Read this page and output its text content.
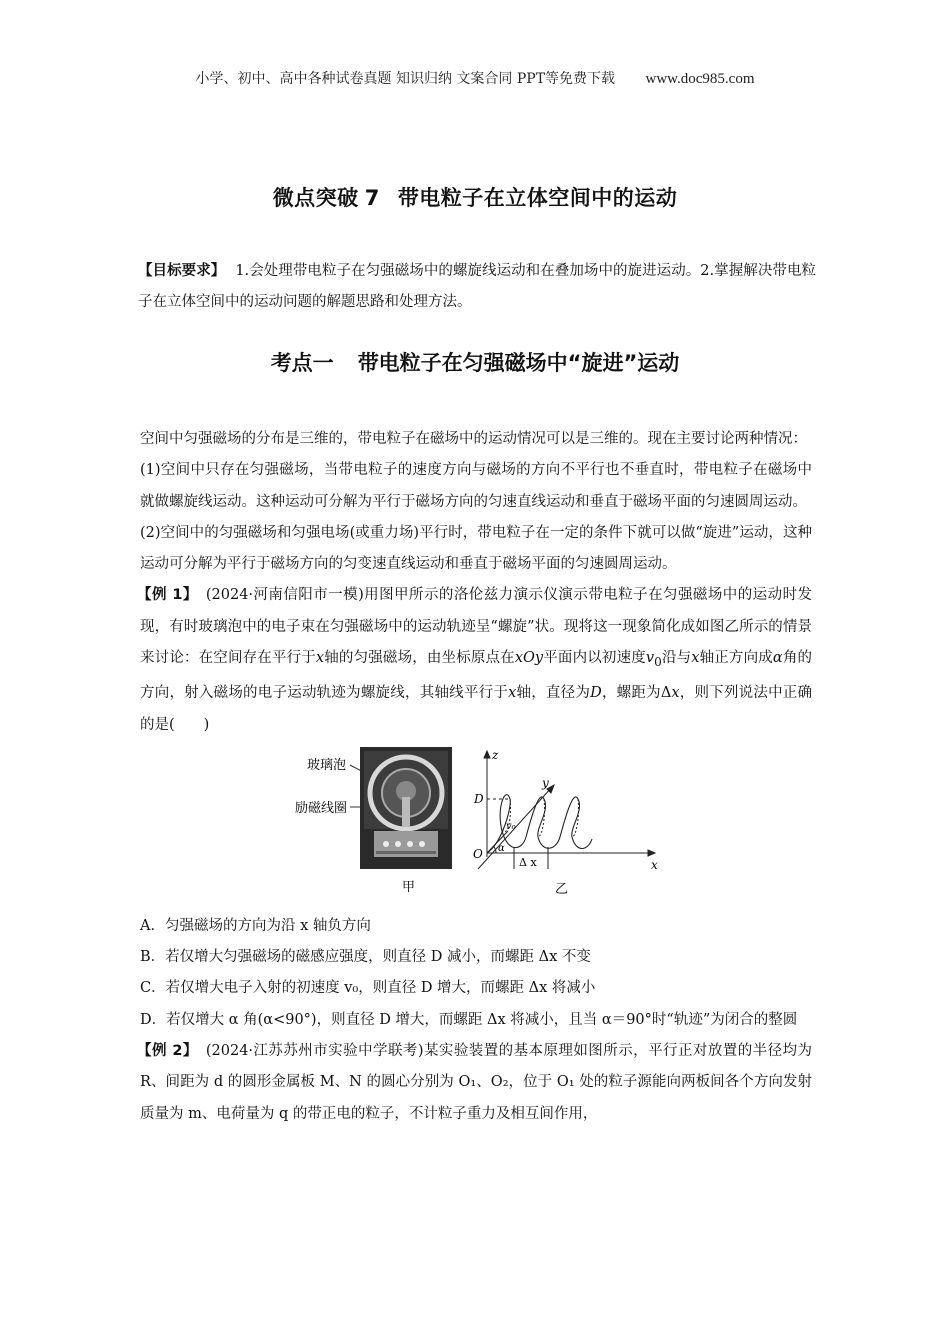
小学、初中、高中各种试卷真题 知识归纳 文案合同 PPT等免费下载 www.doc985.com
微点突破 7 带电粒子在立体空间中的运动
【目标要求】 1.会处理带电粒子在匀强磁场中的螺旋线运动和在叠加场中的旋进运动。2.掌握解决带电粒子在立体空间中的运动问题的解题思路和处理方法。
考点一 带电粒子在匀强磁场中“旋进”运动

空间中匀强磁场的分布是三维的，带电粒子在磁场中的运动情况可以是三维的。现在主要讨论两种情况：

(1)空间中只存在匀强磁场，当带电粒子的速度方向与磁场的方向不平行也不垂直时，带电粒子在磁场中就做螺旋线运动。这种运动可分解为平行于磁场方向的匀速直线运动和垂直于磁场平面的匀速圆周运动。

(2)空间中的匀强磁场和匀强电场(或重力场)平行时，带电粒子在一定的条件下就可以做“旋进”运动，这种运动可分解为平行于磁场方向的匀变速直线运动和垂直于磁场平面的匀速圆周运动。

【例 1】 (2024·河南信阳市一模)用图甲所示的洛伦兹力演示仪演示带电粒子在匀强磁场中的运动时发现，有时玻璃泡中的电子束在匀强磁场中的运动轨迹呈“螺旋”状。现将这一现象简化成如图乙所示的情景来讨论：在空间存在平行于x轴的匀强磁场，由坐标原点在xOy平面内以初速度$v_0$沿与x轴正方向成α角的方向，射入磁场的电子运动轨迹为螺旋线，其轴线平行于x轴，直径为D，螺距为Δx，则下列说法中正确的是(　　)

玻璃泡
励磁线圈
甲
z
y
x
O
D
v₀
α
Δ x
乙

A．匀强磁场的方向为沿 x 轴负方向

B．若仅增大匀强磁场的磁感应强度，则直径 D 减小，而螺距 Δx 不变

C．若仅增大电子入射的初速度 v₀，则直径 D 增大，而螺距 Δx 将减小

D．若仅增大 α 角(α<90°)，则直径 D 增大，而螺距 Δx 将减小，且当 α＝90°时“轨迹”为闭合的整圆

【例 2】 (2024·江苏苏州市实验中学联考)某实验装置的基本原理如图所示，平行正对放置的半径均为 R、间距为 d 的圆形金属板 M、N 的圆心分别为 O₁、O₂，位于 O₁ 处的粒子源能向两板间各个方向发射质量为 m、电荷量为 q 的带正电的粒子，不计粒子重力及相互间作用，
